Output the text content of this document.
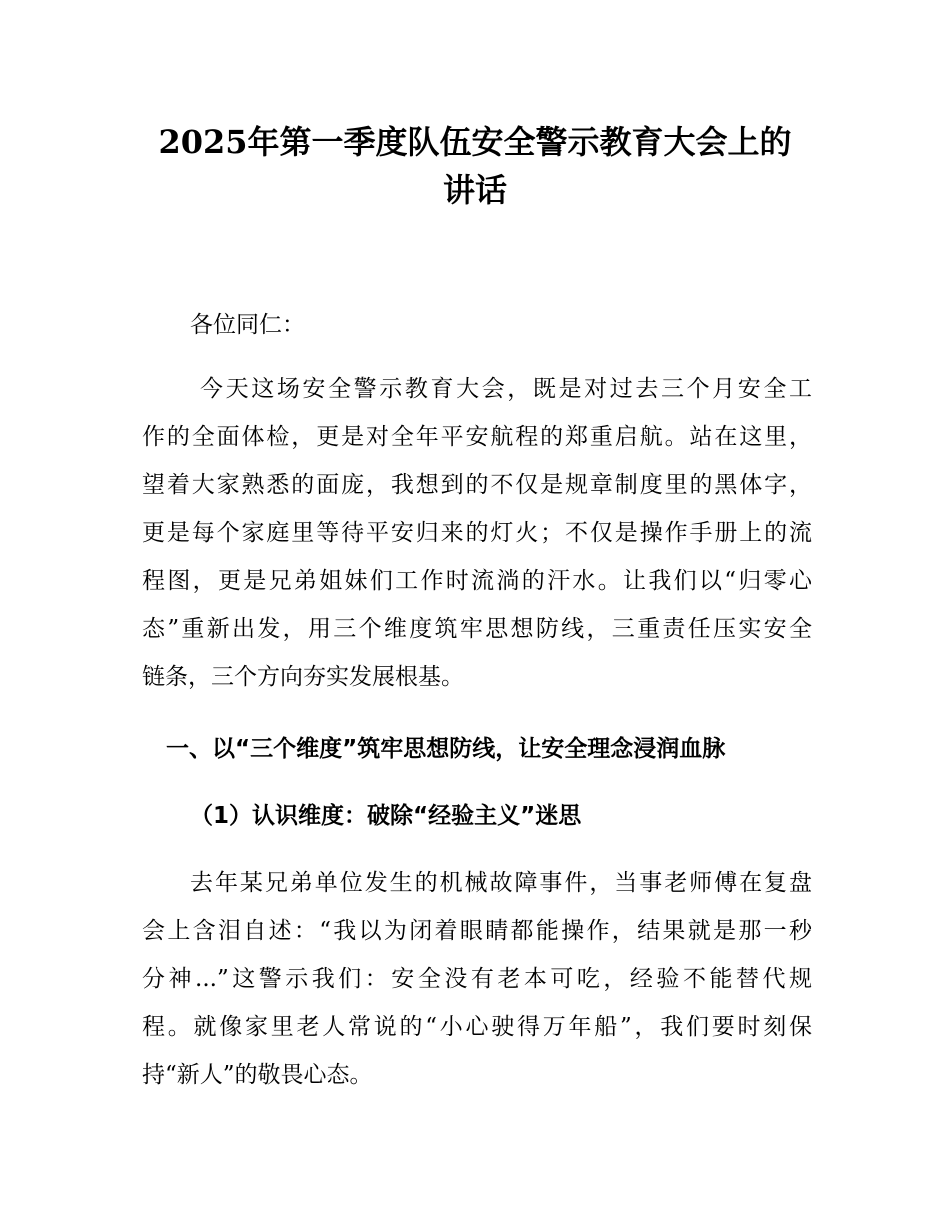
2025年第一季度队伍安全警示教育大会上的
讲话

各位同仁：

今天这场安全警示教育大会，既是对过去三个月安全工

作的全面体检，更是对全年平安航程的郑重启航。站在这里，

望着大家熟悉的面庞，我想到的不仅是规章制度里的黑体字，

更是每个家庭里等待平安归来的灯火；不仅是操作手册上的流

程图，更是兄弟姐妹们工作时流淌的汗水。让我们以“归零心

态”重新出发，用三个维度筑牢思想防线，三重责任压实安全

链条，三个方向夯实发展根基。

一、以“三个维度”筑牢思想防线，让安全理念浸润血脉
（1）认识维度：破除“经验主义”迷思

去年某兄弟单位发生的机械故障事件，当事老师傅在复盘

会上含泪自述：“我以为闭着眼睛都能操作，结果就是那一秒

分神...”这警示我们：安全没有老本可吃，经验不能替代规

程。就像家里老人常说的“小心驶得万年船”，我们要时刻保

持“新人”的敬畏心态。
